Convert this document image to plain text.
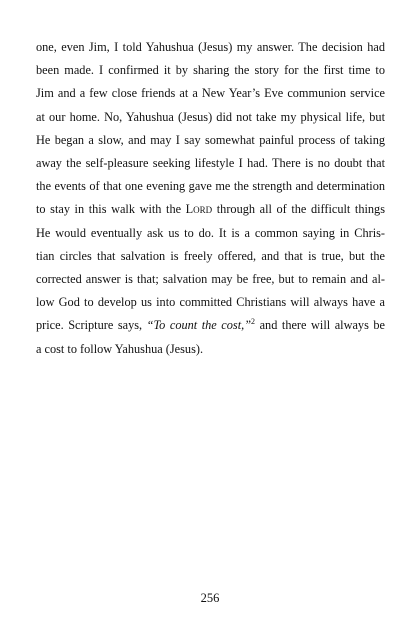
one, even Jim, I told Yahushua (Jesus) my answer. The decision had
been made. I confirmed it by sharing the story for the first time to
Jim and a few close friends at a New Year’s Eve communion service
at our home. No, Yahushua (Jesus) did not take my physical life, but
He began a slow, and may I say somewhat painful process of taking
away the self-pleasure seeking lifestyle I had. There is no doubt that
the events of that one evening gave me the strength and determination
to stay in this walk with the Lord through all of the difficult things
He would eventually ask us to do. It is a common saying in Chris-
tian circles that salvation is freely offered, and that is true, but the
corrected answer is that; salvation may be free, but to remain and al-
low God to develop us into committed Christians will always have a
price. Scripture says, “To count the cost,”$^2$ and there will always be
a cost to follow Yahushua (Jesus).
256
